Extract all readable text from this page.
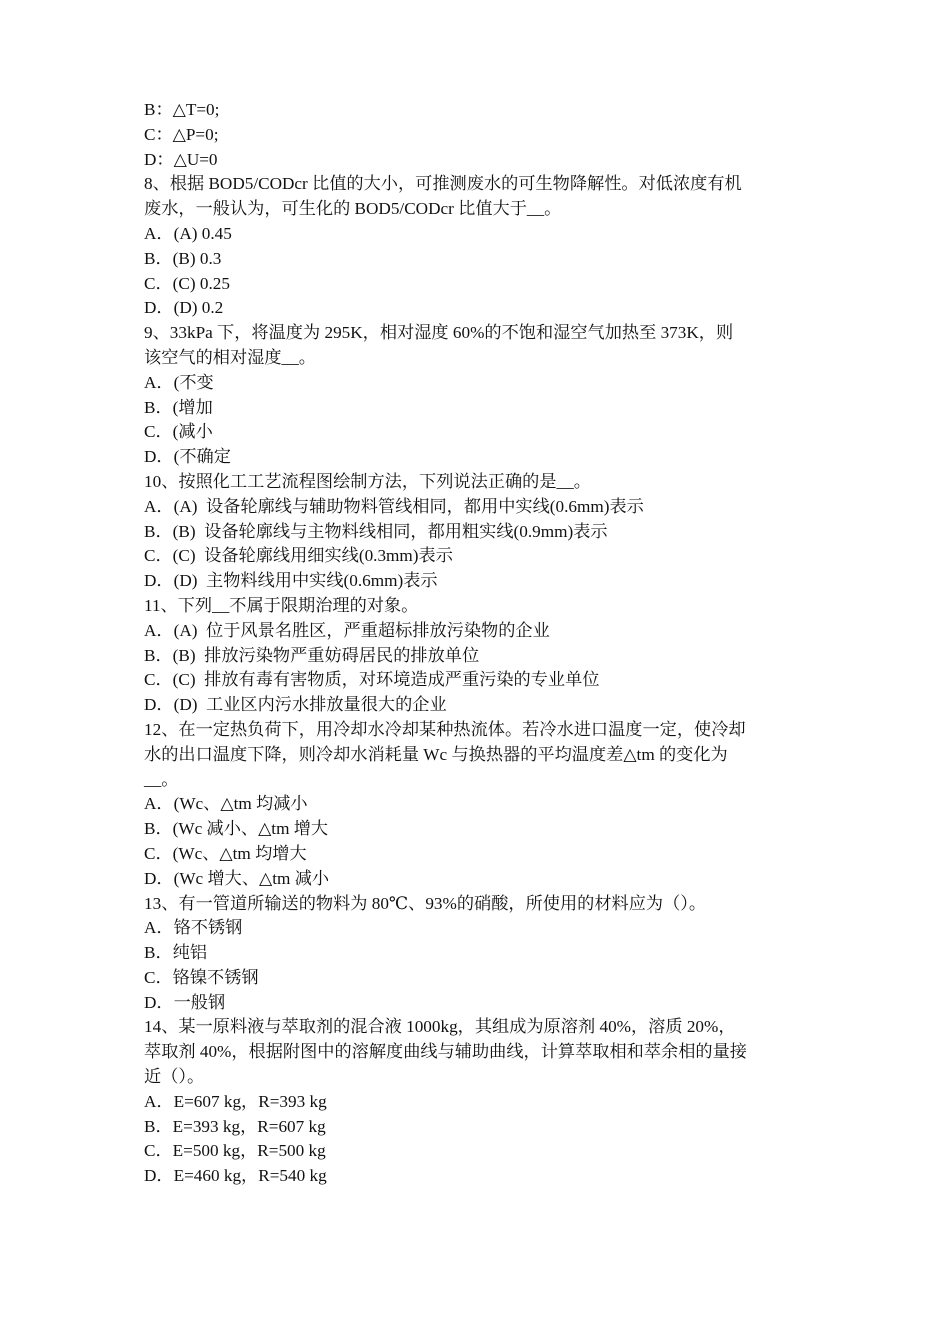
B：△T=0;
C：△P=0;
D：△U=0
8、根据 BOD5/CODcr 比值的大小，可推测废水的可生物降解性。对低浓度有机
废水，一般认为，可生化的 BOD5/CODcr 比值大于__。
A．(A) 0.45
B．(B) 0.3
C．(C) 0.25
D．(D) 0.2
9、33kPa 下，将温度为 295K，相对湿度 60%的不饱和湿空气加热至 373K，则
该空气的相对湿度__。
A．(不变
B．(增加
C．(减小
D．(不确定
10、按照化工工艺流程图绘制方法，下列说法正确的是__。
A．(A)  设备轮廓线与辅助物料管线相同，都用中实线(0.6mm)表示
B．(B)  设备轮廓线与主物料线相同，都用粗实线(0.9mm)表示
C．(C)  设备轮廓线用细实线(0.3mm)表示
D．(D)  主物料线用中实线(0.6mm)表示
11、下列__不属于限期治理的对象。
A．(A)  位于风景名胜区，严重超标排放污染物的企业
B．(B)  排放污染物严重妨碍居民的排放单位
C．(C)  排放有毒有害物质，对环境造成严重污染的专业单位
D．(D)  工业区内污水排放量很大的企业
12、在一定热负荷下，用冷却水冷却某种热流体。若冷水进口温度一定，使冷却
水的出口温度下降，则冷却水消耗量 Wc 与换热器的平均温度差△tm 的变化为
__。
A．(Wc、△tm 均减小
B．(Wc 减小、△tm 增大
C．(Wc、△tm 均增大
D．(Wc 增大、△tm 减小
13、有一管道所输送的物料为 80℃、93%的硝酸，所使用的材料应为（）。
A．铬不锈钢
B．纯铝
C．铬镍不锈钢
D．一般钢
14、某一原料液与萃取剂的混合液 1000kg，其组成为原溶剂 40%，溶质 20%，
萃取剂 40%，根据附图中的溶解度曲线与辅助曲线，计算萃取相和萃余相的量接
近（）。
A．E=607 kg，R=393 kg
B．E=393 kg，R=607 kg
C．E=500 kg，R=500 kg
D．E=460 kg，R=540 kg
